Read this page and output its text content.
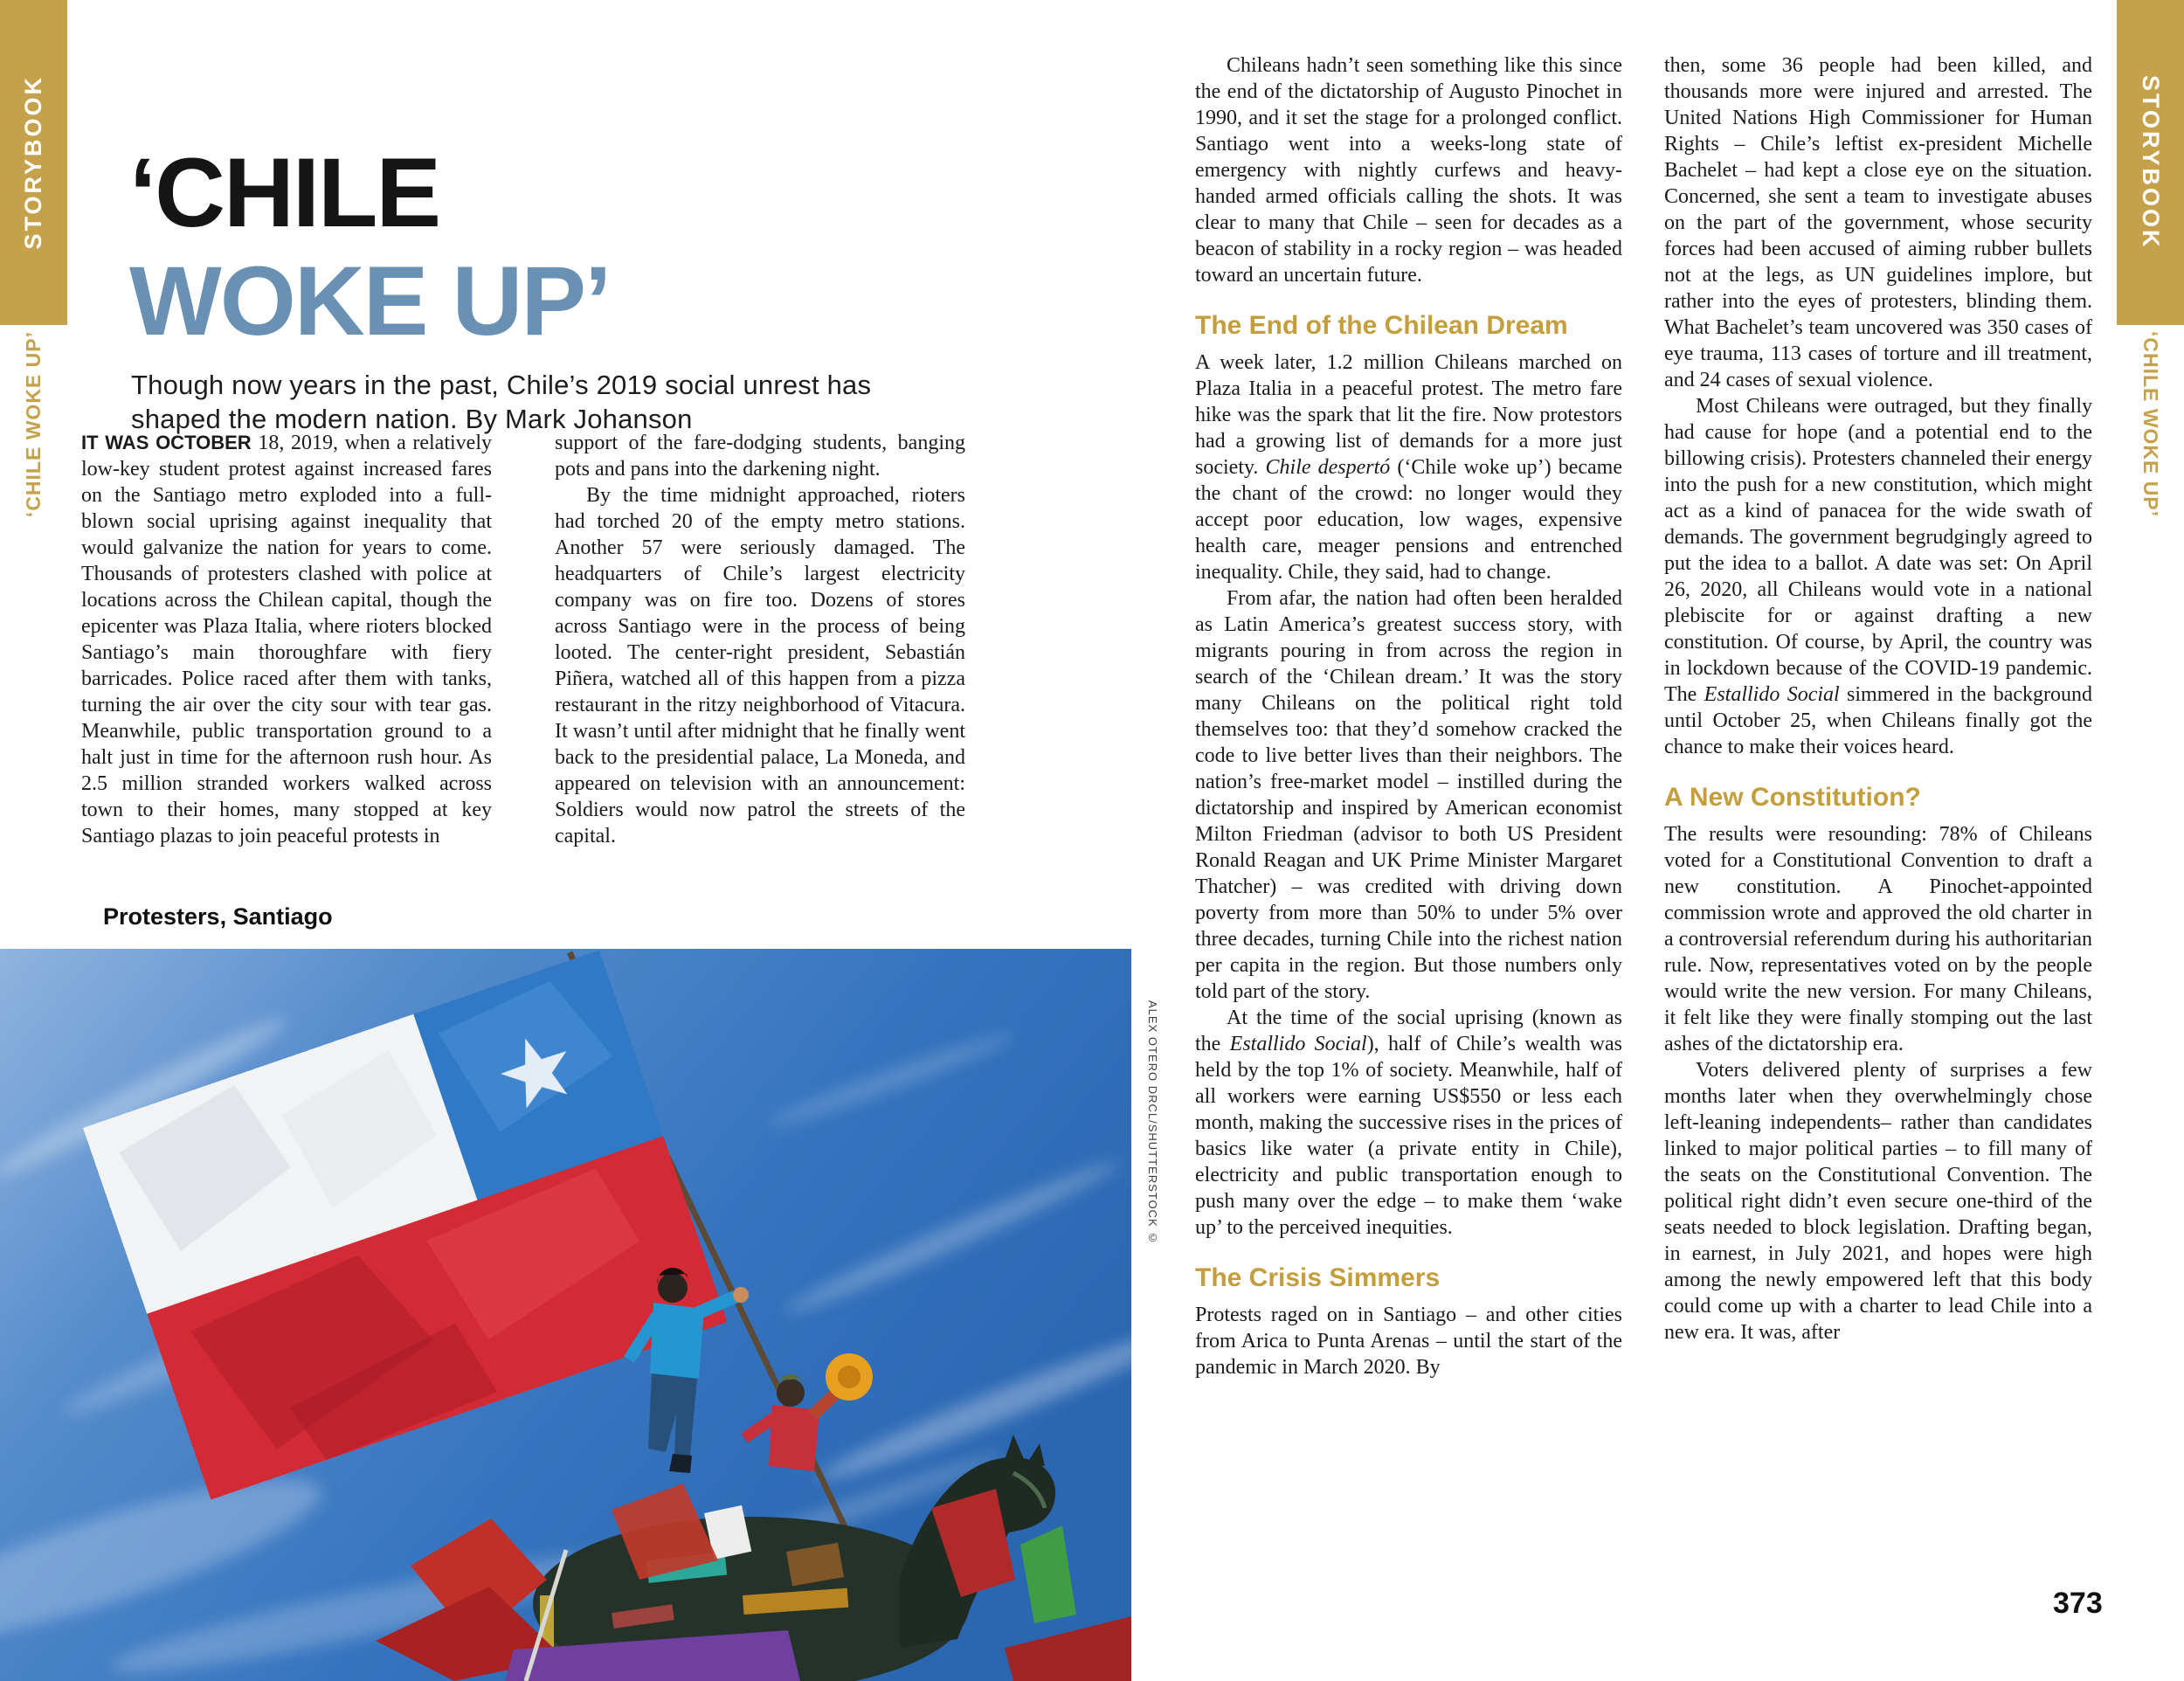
STORYBOOK
‘CHILE WOKE UP’
STORYBOOK
‘CHILE WOKE UP’
‘CHILE
WOKE UP’

Though now years in the past, Chile’s 2019 social unrest has shaped the modern nation. By Mark Johanson

IT WAS OCTOBER 18, 2019, when a relatively low-key student protest against increased fares on the Santiago metro exploded into a full-blown social uprising against inequality that would galvanize the nation for years to come. Thousands of protesters clashed with police at locations across the Chilean capital, though the epicenter was Plaza Italia, where rioters blocked Santiago’s main thoroughfare with fiery barricades. Police raced after them with tanks, turning the air over the city sour with tear gas. Meanwhile, public transportation ground to a halt just in time for the afternoon rush hour. As 2.5 million stranded workers walked across town to their homes, many stopped at key Santiago plazas to join peaceful protests in

support of the fare-dodging students, banging pots and pans into the darkening night.

By the time midnight approached, rioters had torched 20 of the empty metro stations. Another 57 were seriously damaged. The headquarters of Chile’s largest electricity company was on fire too. Dozens of stores across Santiago were in the process of being looted. The center-right president, Sebastián Piñera, watched all of this happen from a pizza restaurant in the ritzy neighborhood of Vitacura. It wasn’t until after midnight that he finally went back to the presidential palace, La Moneda, and appeared on television with an announcement: Soldiers would now patrol the streets of the capital.

Protesters, Santiago
ALEX OTERO DRCL/SHUTTERSTOCK ©

Chileans hadn’t seen something like this since the end of the dictatorship of Augusto Pinochet in 1990, and it set the stage for a prolonged conflict. Santiago went into a weeks-long state of emergency with nightly curfews and heavy-handed armed officials calling the shots. It was clear to many that Chile – seen for decades as a beacon of stability in a rocky region – was headed toward an uncertain future.

The End of the Chilean Dream

A week later, 1.2 million Chileans marched on Plaza Italia in a peaceful protest. The metro fare hike was the spark that lit the fire. Now protestors had a growing list of demands for a more just society. Chile despertó (‘Chile woke up’) became the chant of the crowd: no longer would they accept poor education, low wages, expensive health care, meager pensions and entrenched inequality. Chile, they said, had to change.

From afar, the nation had often been heralded as Latin America’s greatest success story, with migrants pouring in from across the region in search of the ‘Chilean dream.’ It was the story many Chileans on the political right told themselves too: that they’d somehow cracked the code to live better lives than their neighbors. The nation’s free-market model – instilled during the dictatorship and inspired by American economist Milton Friedman (advisor to both US President Ronald Reagan and UK Prime Minister Margaret Thatcher) – was credited with driving down poverty from more than 50% to under 5% over three decades, turning Chile into the richest nation per capita in the region. But those numbers only told part of the story.

At the time of the social uprising (known as the Estallido Social), half of Chile’s wealth was held by the top 1% of society. Meanwhile, half of all workers were earning US$550 or less each month, making the successive rises in the prices of basics like water (a private entity in Chile), electricity and public transportation enough to push many over the edge – to make them ‘wake up’ to the perceived inequities.

The Crisis Simmers

Protests raged on in Santiago – and other cities from Arica to Punta Arenas – until the start of the pandemic in March 2020. By

then, some 36 people had been killed, and thousands more were injured and arrested. The United Nations High Commissioner for Human Rights – Chile’s leftist ex-president Michelle Bachelet – had kept a close eye on the situation. Concerned, she sent a team to investigate abuses on the part of the government, whose security forces had been accused of aiming rubber bullets not at the legs, as UN guidelines implore, but rather into the eyes of protesters, blinding them. What Bachelet’s team uncovered was 350 cases of eye trauma, 113 cases of torture and ill treatment, and 24 cases of sexual violence.

Most Chileans were outraged, but they finally had cause for hope (and a potential end to the billowing crisis). Protesters channeled their energy into the push for a new constitution, which might act as a kind of panacea for the wide swath of demands. The government begrudgingly agreed to put the idea to a ballot. A date was set: On April 26, 2020, all Chileans would vote in a national plebiscite for or against drafting a new constitution. Of course, by April, the country was in lockdown because of the COVID-19 pandemic. The Estallido Social simmered in the background until October 25, when Chileans finally got the chance to make their voices heard.

A New Constitution?

The results were resounding: 78% of Chileans voted for a Constitutional Convention to draft a new constitution. A Pinochet-appointed commission wrote and approved the old charter in a controversial referendum during his authoritarian rule. Now, representatives voted on by the people would write the new version. For many Chileans, it felt like they were finally stomping out the last ashes of the dictatorship era.

Voters delivered plenty of surprises a few months later when they overwhelmingly chose left-leaning independents– rather than candidates linked to major political parties – to fill many of the seats on the Constitutional Convention. The political right didn’t even secure one-third of the seats needed to block legislation. Drafting began, in earnest, in July 2021, and hopes were high among the newly empowered left that this body could come up with a charter to lead Chile into a new era. It was, after

373
